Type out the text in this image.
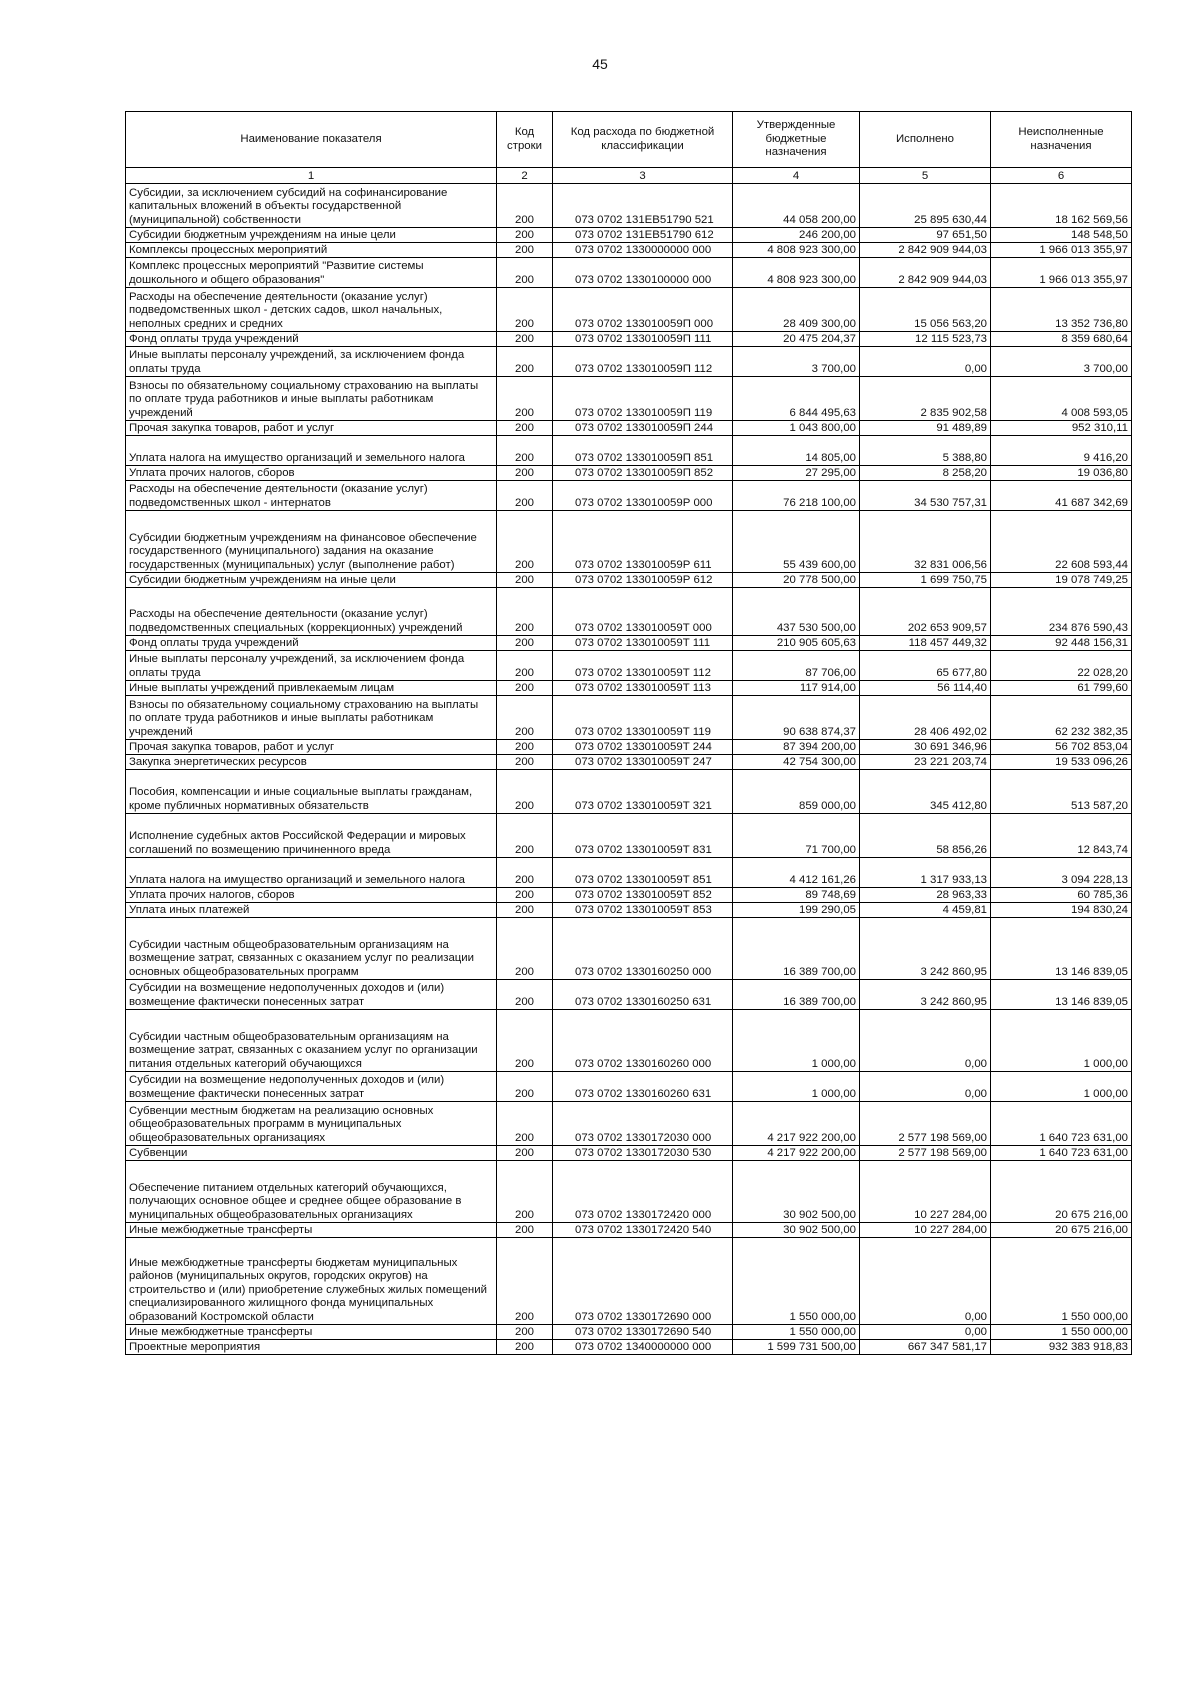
45
Наименование показателя	Код строки	Код расхода по бюджетной классификации	Утвержденные бюджетные назначения	Исполнено	Неисполненные назначения
1	2	3	4	5	6
Субсидии, за исключением субсидий на софинансирование капитальных вложений в объекты государственной (муниципальной) собственности	200	073 0702 131EB51790 521	44 058 200,00	25 895 630,44	18 162 569,56
Субсидии бюджетным учреждениям на иные цели	200	073 0702 131EB51790 612	246 200,00	97 651,50	148 548,50
Комплексы процессных мероприятий	200	073 0702 1330000000 000	4 808 923 300,00	2 842 909 944,03	1 966 013 355,97
Комплекс процессных мероприятий "Развитие системы дошкольного и общего образования"	200	073 0702 1330100000 000	4 808 923 300,00	2 842 909 944,03	1 966 013 355,97
Расходы на обеспечение деятельности (оказание услуг) подведомственных школ - детских садов, школ начальных, неполных средних и средних	200	073 0702 133010059П 000	28 409 300,00	15 056 563,20	13 352 736,80
Фонд оплаты труда учреждений	200	073 0702 133010059П 111	20 475 204,37	12 115 523,73	8 359 680,64
Иные выплаты персоналу учреждений, за исключением фонда оплаты труда	200	073 0702 133010059П 112	3 700,00	0,00	3 700,00
Взносы по обязательному социальному страхованию на выплаты по оплате труда работников и иные выплаты работникам учреждений	200	073 0702 133010059П 119	6 844 495,63	2 835 902,58	4 008 593,05
Прочая закупка товаров, работ и услуг	200	073 0702 133010059П 244	1 043 800,00	91 489,89	952 310,11
Уплата налога на имущество организаций и земельного налога	200	073 0702 133010059П 851	14 805,00	5 388,80	9 416,20
Уплата прочих налогов, сборов	200	073 0702 133010059П 852	27 295,00	8 258,20	19 036,80
Расходы на обеспечение деятельности (оказание услуг) подведомственных школ - интернатов	200	073 0702 133010059Р 000	76 218 100,00	34 530 757,31	41 687 342,69
Субсидии бюджетным учреждениям на финансовое обеспечение государственного (муниципального) задания на оказание государственных (муниципальных) услуг (выполнение работ)	200	073 0702 133010059Р 611	55 439 600,00	32 831 006,56	22 608 593,44
Субсидии бюджетным учреждениям на иные цели	200	073 0702 133010059Р 612	20 778 500,00	1 699 750,75	19 078 749,25
Расходы на обеспечение деятельности (оказание услуг) подведомственных специальных (коррекционных) учреждений	200	073 0702 133010059Т 000	437 530 500,00	202 653 909,57	234 876 590,43
Фонд оплаты труда учреждений	200	073 0702 133010059Т 111	210 905 605,63	118 457 449,32	92 448 156,31
Иные выплаты персоналу учреждений, за исключением фонда оплаты труда	200	073 0702 133010059Т 112	87 706,00	65 677,80	22 028,20
Иные выплаты учреждений привлекаемым лицам	200	073 0702 133010059Т 113	117 914,00	56 114,40	61 799,60
Взносы по обязательному социальному страхованию на выплаты по оплате труда работников и иные выплаты работникам учреждений	200	073 0702 133010059Т 119	90 638 874,37	28 406 492,02	62 232 382,35
Прочая закупка товаров, работ и услуг	200	073 0702 133010059Т 244	87 394 200,00	30 691 346,96	56 702 853,04
Закупка энергетических ресурсов	200	073 0702 133010059Т 247	42 754 300,00	23 221 203,74	19 533 096,26
Пособия, компенсации и иные социальные выплаты гражданам, кроме публичных нормативных обязательств	200	073 0702 133010059Т 321	859 000,00	345 412,80	513 587,20
Исполнение судебных актов Российской Федерации и мировых соглашений по возмещению причиненного вреда	200	073 0702 133010059Т 831	71 700,00	58 856,26	12 843,74
Уплата налога на имущество организаций и земельного налога	200	073 0702 133010059Т 851	4 412 161,26	1 317 933,13	3 094 228,13
Уплата прочих налогов, сборов	200	073 0702 133010059Т 852	89 748,69	28 963,33	60 785,36
Уплата иных платежей	200	073 0702 133010059Т 853	199 290,05	4 459,81	194 830,24
Субсидии частным общеобразовательным организациям на возмещение затрат, связанных с оказанием услуг по реализации основных общеобразовательных программ	200	073 0702 1330160250 000	16 389 700,00	3 242 860,95	13 146 839,05
Субсидии на возмещение недополученных доходов и (или) возмещение фактически понесенных затрат	200	073 0702 1330160250 631	16 389 700,00	3 242 860,95	13 146 839,05
Субсидии частным общеобразовательным организациям на возмещение затрат, связанных с оказанием услуг по организации питания отдельных категорий обучающихся	200	073 0702 1330160260 000	1 000,00	0,00	1 000,00
Субсидии на возмещение недополученных доходов и (или) возмещение фактически понесенных затрат	200	073 0702 1330160260 631	1 000,00	0,00	1 000,00
Субвенции местным бюджетам на реализацию основных общеобразовательных программ в муниципальных общеобразовательных организациях	200	073 0702 1330172030 000	4 217 922 200,00	2 577 198 569,00	1 640 723 631,00
Субвенции	200	073 0702 1330172030 530	4 217 922 200,00	2 577 198 569,00	1 640 723 631,00
Обеспечение питанием отдельных категорий обучающихся, получающих основное общее и среднее общее образование в муниципальных общеобразовательных организациях	200	073 0702 1330172420 000	30 902 500,00	10 227 284,00	20 675 216,00
Иные межбюджетные трансферты	200	073 0702 1330172420 540	30 902 500,00	10 227 284,00	20 675 216,00
Иные межбюджетные трансферты бюджетам муниципальных районов (муниципальных округов, городских округов) на строительство и (или) приобретение служебных жилых помещений специализированного жилищного фонда муниципальных образований Костромской области	200	073 0702 1330172690 000	1 550 000,00	0,00	1 550 000,00
Иные межбюджетные трансферты	200	073 0702 1330172690 540	1 550 000,00	0,00	1 550 000,00
Проектные мероприятия	200	073 0702 1340000000 000	1 599 731 500,00	667 347 581,17	932 383 918,83
